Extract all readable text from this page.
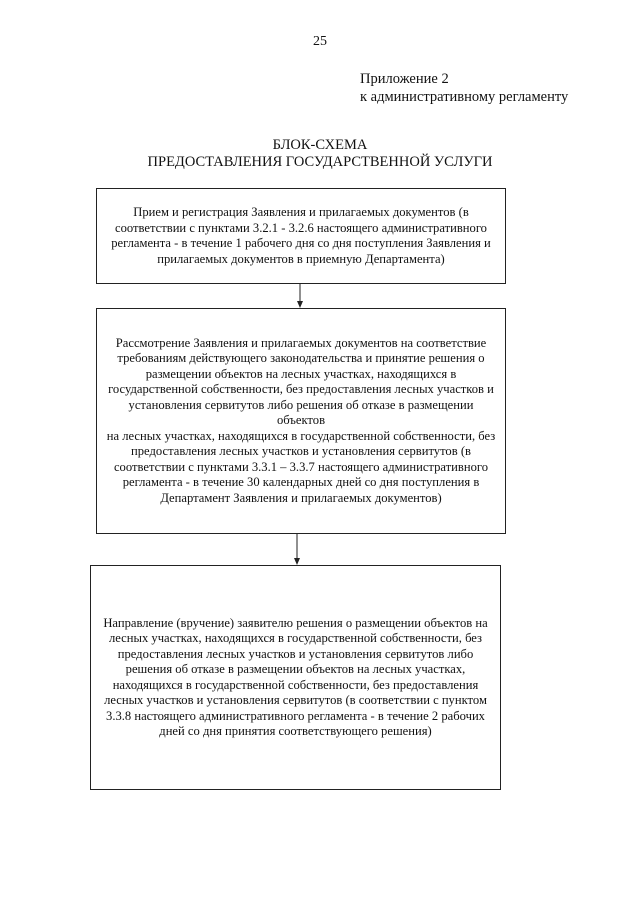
25
Приложение 2
к административному регламенту
БЛОК-СХЕМА
ПРЕДОСТАВЛЕНИЯ ГОСУДАРСТВЕННОЙ УСЛУГИ
Прием и регистрация Заявления и прилагаемых документов (в
соответствии с пунктами 3.2.1 - 3.2.6 настоящего административного
регламента - в течение 1 рабочего дня со дня поступления Заявления и
прилагаемых документов в приемную Департамента)
Рассмотрение Заявления и прилагаемых документов на соответствие
требованиям действующего законодательства и принятие решения о
размещении объектов на лесных участках, находящихся в
государственной собственности, без предоставления лесных участков и
установления сервитутов либо решения об отказе в размещении объектов
на лесных участках, находящихся в государственной собственности, без
предоставления лесных участков и установления сервитутов (в
соответствии с пунктами 3.3.1 – 3.3.7 настоящего административного
регламента - в течение 30 календарных дней со дня поступления в
Департамент Заявления и прилагаемых документов)
Направление (вручение) заявителю решения о размещении объектов на
лесных участках, находящихся в государственной собственности, без
предоставления лесных участков и установления сервитутов либо
решения об отказе в размещении объектов на лесных участках,
находящихся в государственной собственности, без предоставления
лесных участков и установления сервитутов (в соответствии с пунктом
3.3.8 настоящего административного регламента - в течение 2 рабочих
дней со дня принятия соответствующего решения)
